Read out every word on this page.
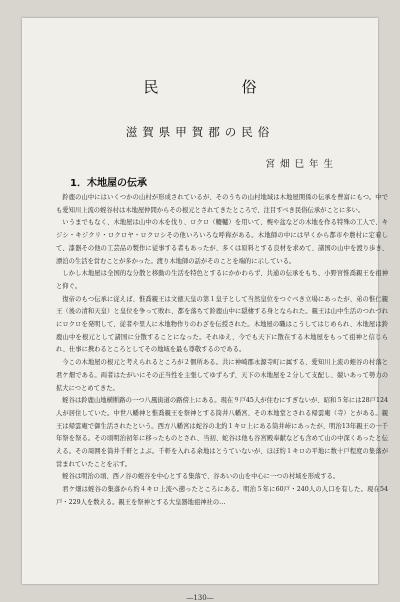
民　俗
滋賀県甲賀郡の民俗
宮畑巳年生
1．木地屋の伝承

鈴鹿の山中にはいくつかの山村が形成されているが、そのうちの山村地域は木地屋関係の伝承を豊富にもつ。中でも愛知川上流の蛭谷村は木地屋仲間からその根元とされてきたところで、注目すべき民俗伝承がことに多い。

いうまでもなく、木地屋は山中の木を伐り、ロクロ（轆轤）を用いて、椀や盆などの木地を作る特殊の工人で、キジシ・キジクリ・ロクロヤ・ロクロシその他いろいろな呼称がある。木地師の中には早くから都市や農村に定着して、漆器その他の工芸品の製作に従事する者もあったが、多くは原料とする良材を求めて、諸国の山中を渡り歩き、漂泊の生活を営むことが多かった。渡り木地師の話がそのことを端的に示している。

しかし木地屋は全国的な分散と移動の生活を特色とするにかかわらず、共通の伝承をもち、小野宮惟喬親王を祖神と仰ぐ。

復帝のもつ伝承に従えば、惟喬親王は文徳天皇の第１皇子として当然皇位をつぐべき立場にあったが、弟の惟仁親王（後の清和天皇）と皇位を争って敗れ、都を落ちて鈴鹿山中に隠棲する身となられた。親王は山中生活のつれづれにロクロを発明して、従者や里人に木地物作りのわざを伝授された。木地屋の職はこうしてはじめられ、木地屋は鈴鹿山中を根元として諸国に分散することになった。それゆえ、今でも天下に散在する木地屋をもって祖神と信じられ、仕事に携わるところとしてその地域を最も尊敬するのである。

今この木地屋の根元と考えられるところが２個所ある。共に神崎郡永源寺町に属する、愛知川上流の蛭谷の村落と君ケ畑である。両者はたがいにその正当性を主張してゆずらず、天下の木地屋を２分して支配し、競いあって勢力の拡大につとめてきた。

蛭谷は鈴鹿山地横断路の一つ八風街道の路傍上にある。現在９戸45人が住むにすぎないが、昭和５年には28戸124人が居住していた。中世八幡神と惟喬親王を祭神とする筒井八幡宮、その本地堂とされる帰雲庵（寺）とがある。親王は帰雲庵で御生活されたという。西方八幡宮は蛇谷の北約１キロ上にある筒井峠にあったが、明治13年親王の一千年祭を祭る。その頃明治初年に移ったものとされ、当初、蛇谷は他も谷宮殿奉献なども含めて山の中深くあったと伝える。その周囲を筒井千軒とよぶ。千軒を入れる余地はとうていないが、ほぼ約１キロの平地に数十戸程度の集落が営まれていたことを示す。

蛭谷は明治の頃、西ノ谷の蛭谷を中心とする集落で、谷あいの山を中心に一つの村域を形成する。

君ケ畑は蛭谷の集落から約４キロ上流へ遡ったところにある。明治５年に60戸・240人の人口を有した。現在54戸・229人を数える。親王を祭神とする大皇器地祖神社の…

―130―
